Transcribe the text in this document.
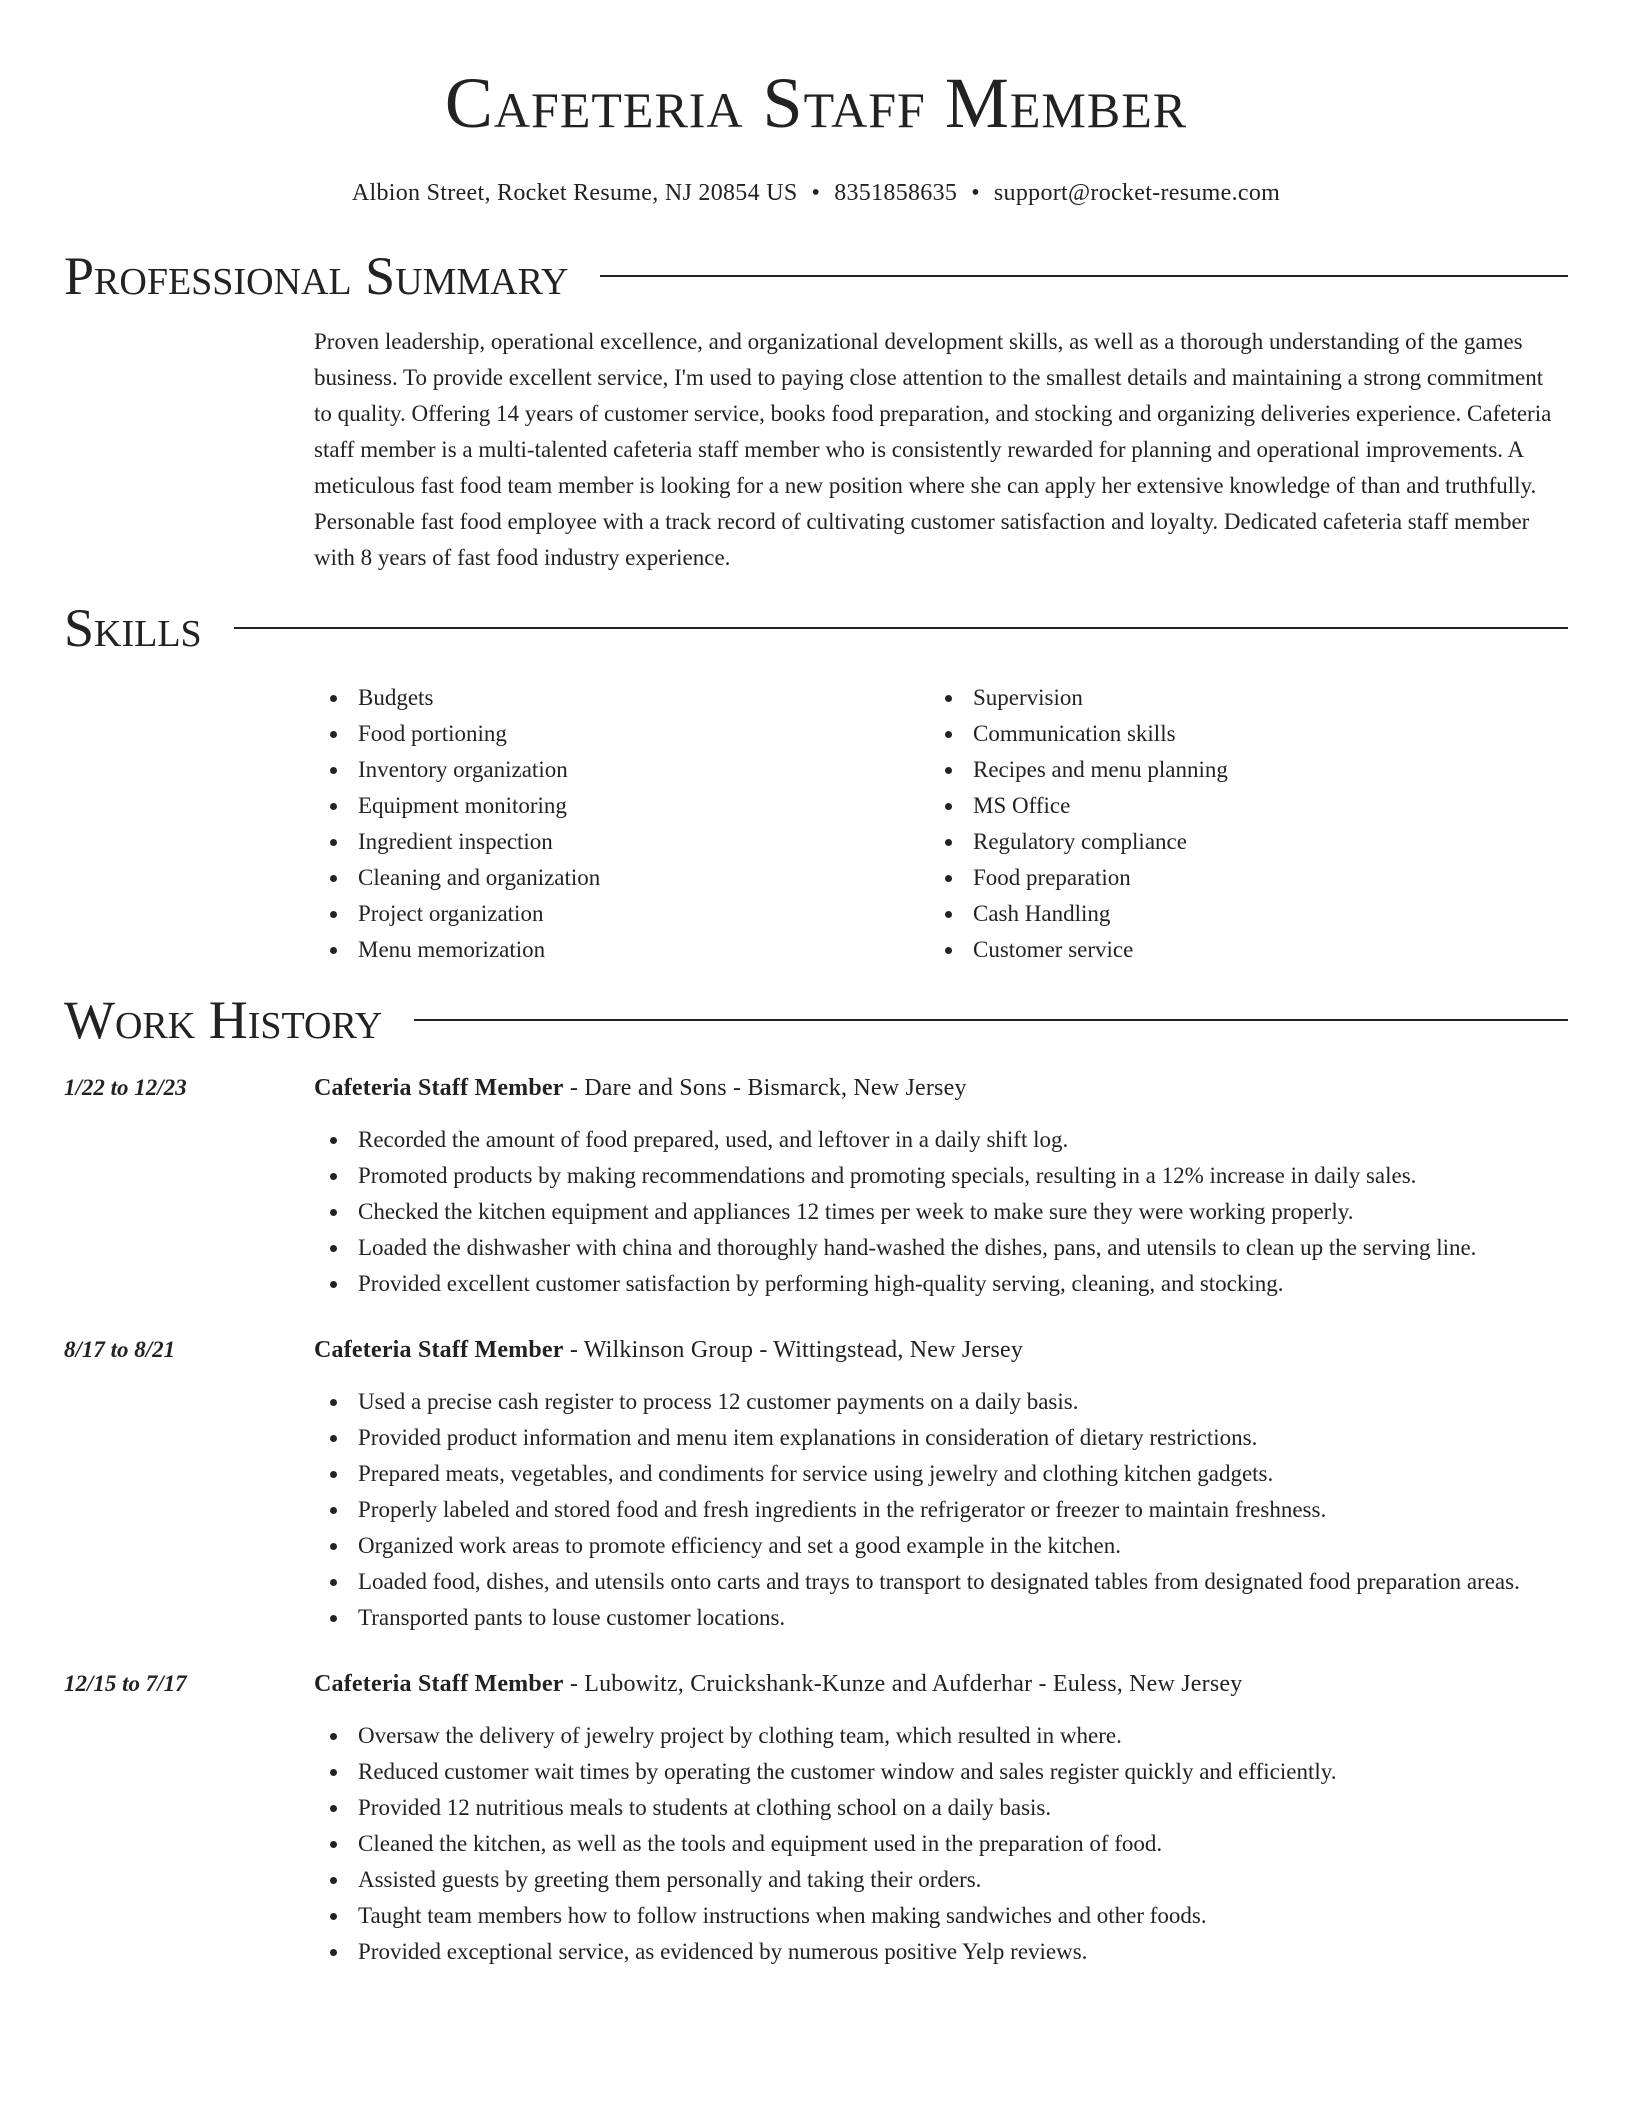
Cafeteria Staff Member
Albion Street, Rocket Resume, NJ 20854 US • 8351858635 • support@rocket-resume.com
Professional Summary
Proven leadership, operational excellence, and organizational development skills, as well as a thorough understanding of the games business. To provide excellent service, I'm used to paying close attention to the smallest details and maintaining a strong commitment to quality. Offering 14 years of customer service, books food preparation, and stocking and organizing deliveries experience. Cafeteria staff member is a multi-talented cafeteria staff member who is consistently rewarded for planning and operational improvements. A meticulous fast food team member is looking for a new position where she can apply her extensive knowledge of than and truthfully. Personable fast food employee with a track record of cultivating customer satisfaction and loyalty. Dedicated cafeteria staff member with 8 years of fast food industry experience.
Skills
Budgets
Food portioning
Inventory organization
Equipment monitoring
Ingredient inspection
Cleaning and organization
Project organization
Menu memorization
Supervision
Communication skills
Recipes and menu planning
MS Office
Regulatory compliance
Food preparation
Cash Handling
Customer service
Work History
1/22 to 12/23	Cafeteria Staff Member - Dare and Sons - Bismarck, New Jersey
Recorded the amount of food prepared, used, and leftover in a daily shift log.
Promoted products by making recommendations and promoting specials, resulting in a 12% increase in daily sales.
Checked the kitchen equipment and appliances 12 times per week to make sure they were working properly.
Loaded the dishwasher with china and thoroughly hand-washed the dishes, pans, and utensils to clean up the serving line.
Provided excellent customer satisfaction by performing high-quality serving, cleaning, and stocking.
8/17 to 8/21	Cafeteria Staff Member - Wilkinson Group - Wittingstead, New Jersey
Used a precise cash register to process 12 customer payments on a daily basis.
Provided product information and menu item explanations in consideration of dietary restrictions.
Prepared meats, vegetables, and condiments for service using jewelry and clothing kitchen gadgets.
Properly labeled and stored food and fresh ingredients in the refrigerator or freezer to maintain freshness.
Organized work areas to promote efficiency and set a good example in the kitchen.
Loaded food, dishes, and utensils onto carts and trays to transport to designated tables from designated food preparation areas.
Transported pants to louse customer locations.
12/15 to 7/17	Cafeteria Staff Member - Lubowitz, Cruickshank-Kunze and Aufderhar - Euless, New Jersey
Oversaw the delivery of jewelry project by clothing team, which resulted in where.
Reduced customer wait times by operating the customer window and sales register quickly and efficiently.
Provided 12 nutritious meals to students at clothing school on a daily basis.
Cleaned the kitchen, as well as the tools and equipment used in the preparation of food.
Assisted guests by greeting them personally and taking their orders.
Taught team members how to follow instructions when making sandwiches and other foods.
Provided exceptional service, as evidenced by numerous positive Yelp reviews.
